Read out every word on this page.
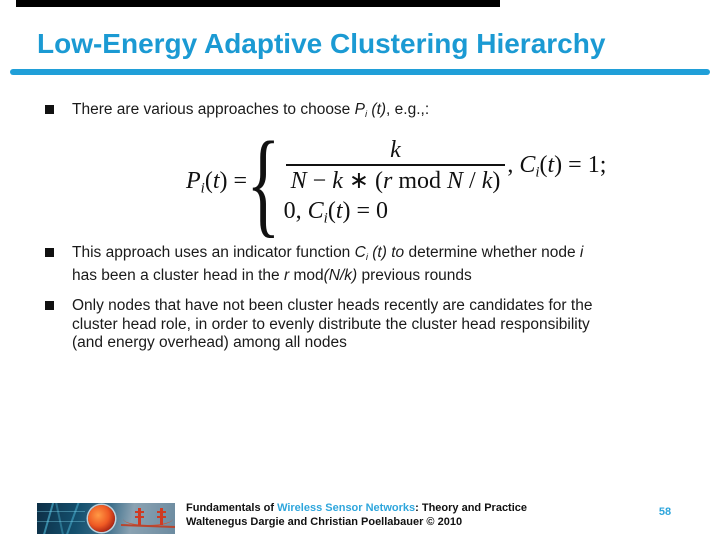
Low-Energy Adaptive Clustering Hierarchy
There are various approaches to choose $P_i$ (t), e.g.,:
This approach uses an indicator function $C_i$ (t) to determine whether node i
has been a cluster head in the r mod(N/k) previous rounds
Only nodes that have not been cluster heads recently are candidates for the
cluster head role, in order to evenly distribute the cluster head responsibility
(and energy overhead) among all nodes
$P_i(t)$ = { $\frac{k}{\text{N − k ∗ (r mod N / k)}}$ , $C_i(t) = 1$;
0, $C_i(t) = 0$
Fundamentals of Wireless Sensor Networks: Theory and Practice
Waltenegus Dargie and Christian Poellabauer © 2010
58
